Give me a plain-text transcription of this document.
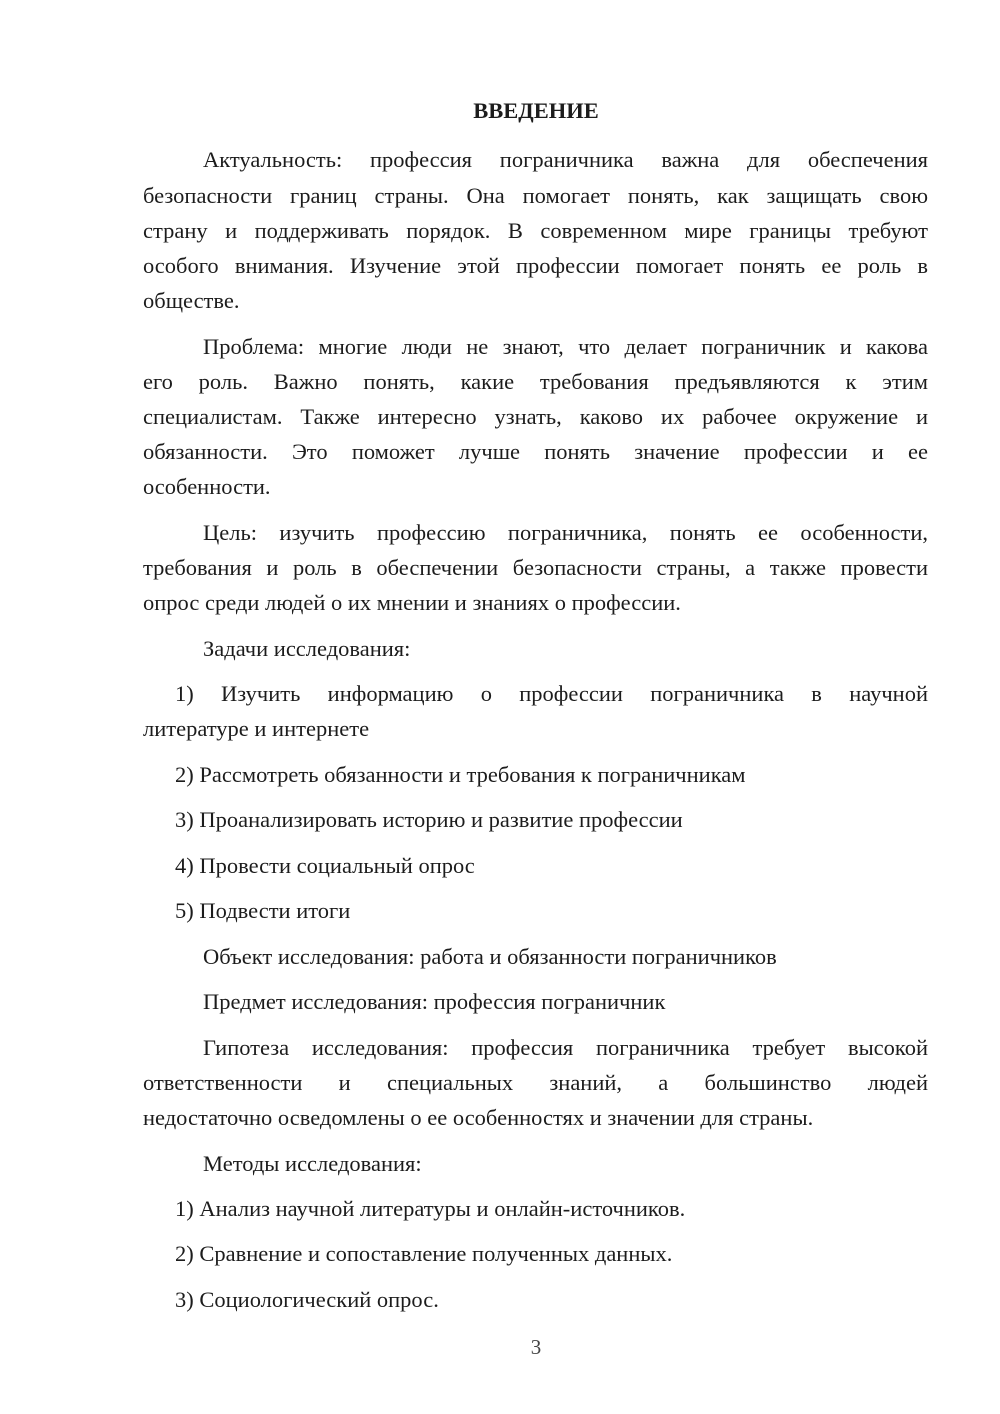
ВВЕДЕНИЕ
Актуальность: профессия пограничника важна для обеспечения
безопасности границ страны. Она помогает понять, как защищать свою
страну и поддерживать порядок. В современном мире границы требуют
особого внимания. Изучение этой профессии помогает понять ее роль в
обществе.
Проблема: многие люди не знают, что делает пограничник и какова
его роль. Важно понять, какие требования предъявляются к этим
специалистам. Также интересно узнать, каково их рабочее окружение и
обязанности. Это поможет лучше понять значение профессии и ее
особенности.
Цель: изучить профессию пограничника, понять ее особенности,
требования и роль в обеспечении безопасности страны, а также провести
опрос среди людей о их мнении и знаниях о профессии.
Задачи исследования:
1) Изучить информацию о профессии пограничника в научной
литературе и интернете
2) Рассмотреть обязанности и требования к пограничникам
3) Проанализировать историю и развитие профессии
4) Провести социальный опрос
5) Подвести итоги
Объект исследования: работа и обязанности пограничников
Предмет исследования: профессия пограничник
Гипотеза исследования: профессия пограничника требует высокой
ответственности и специальных знаний, а большинство людей
недостаточно осведомлены о ее особенностях и значении для страны.
Методы исследования:
1) Анализ научной литературы и онлайн-источников.
2) Сравнение и сопоставление полученных данных.
3) Социологический опрос.
3
